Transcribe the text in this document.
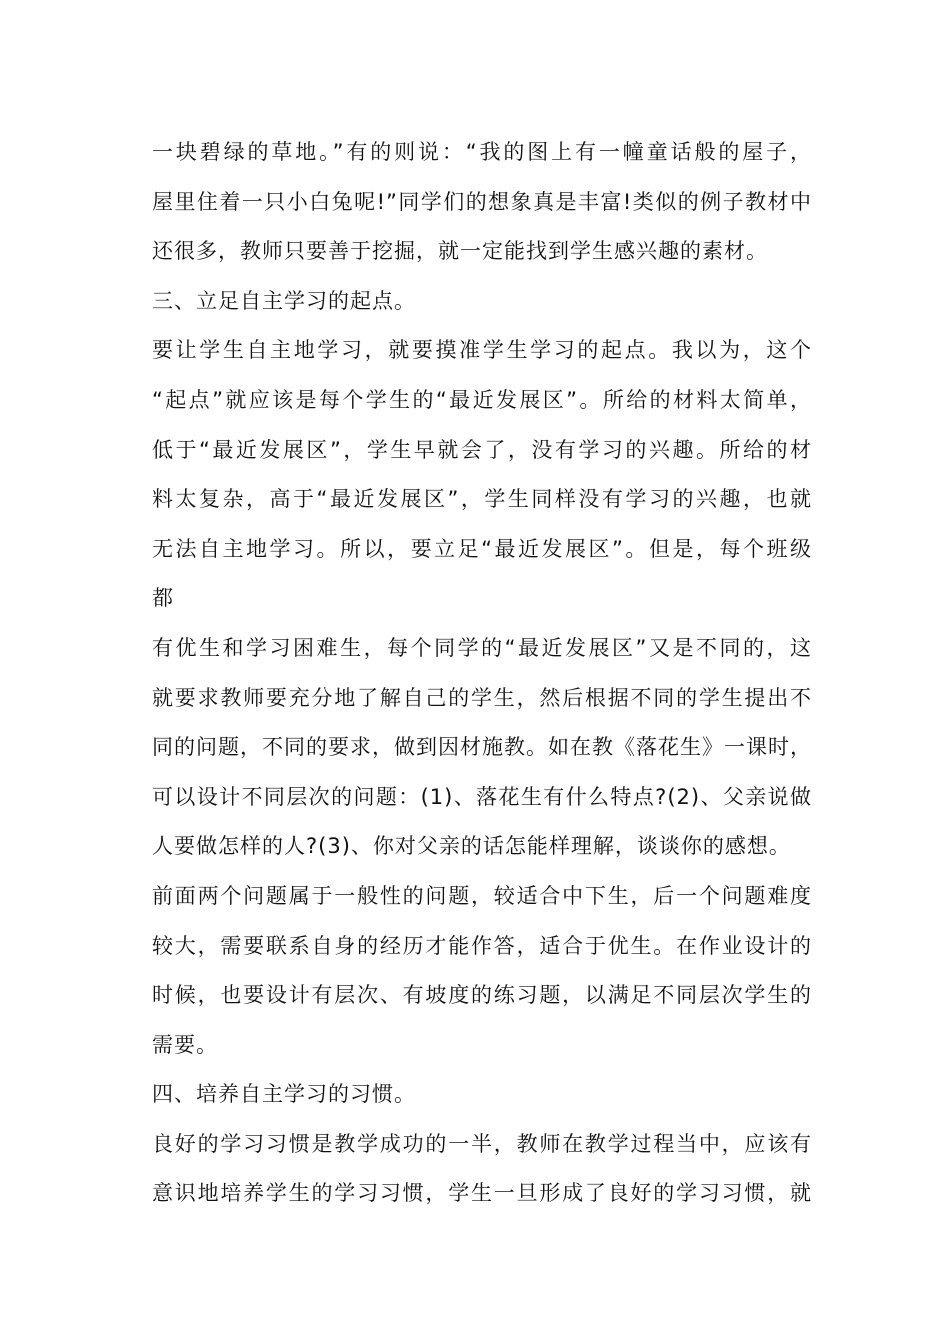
一块碧绿的草地。”有的则说：“我的图上有一幢童话般的屋子，
屋里住着一只小白兔呢!”同学们的想象真是丰富!类似的例子教材中
还很多，教师只要善于挖掘，就一定能找到学生感兴趣的素材。
三、立足自主学习的起点。
要让学生自主地学习，就要摸准学生学习的起点。我以为，这个
“起点”就应该是每个学生的“最近发展区”。所给的材料太简单，
低于“最近发展区”，学生早就会了，没有学习的兴趣。所给的材
料太复杂，高于“最近发展区”，学生同样没有学习的兴趣，也就
无法自主地学习。所以，要立足“最近发展区”。但是，每个班级
都
有优生和学习困难生，每个同学的“最近发展区”又是不同的，这
就要求教师要充分地了解自己的学生，然后根据不同的学生提出不
同的问题，不同的要求，做到因材施教。如在教《落花生》一课时，
可以设计不同层次的问题：(1)、落花生有什么特点?(2)、父亲说做
人要做怎样的人?(3)、你对父亲的话怎能样理解，谈谈你的感想。
前面两个问题属于一般性的问题，较适合中下生，后一个问题难度
较大，需要联系自身的经历才能作答，适合于优生。在作业设计的
时候，也要设计有层次、有坡度的练习题，以满足不同层次学生的
需要。
四、培养自主学习的习惯。
良好的学习习惯是教学成功的一半，教师在教学过程当中，应该有
意识地培养学生的学习习惯，学生一旦形成了良好的学习习惯，就
